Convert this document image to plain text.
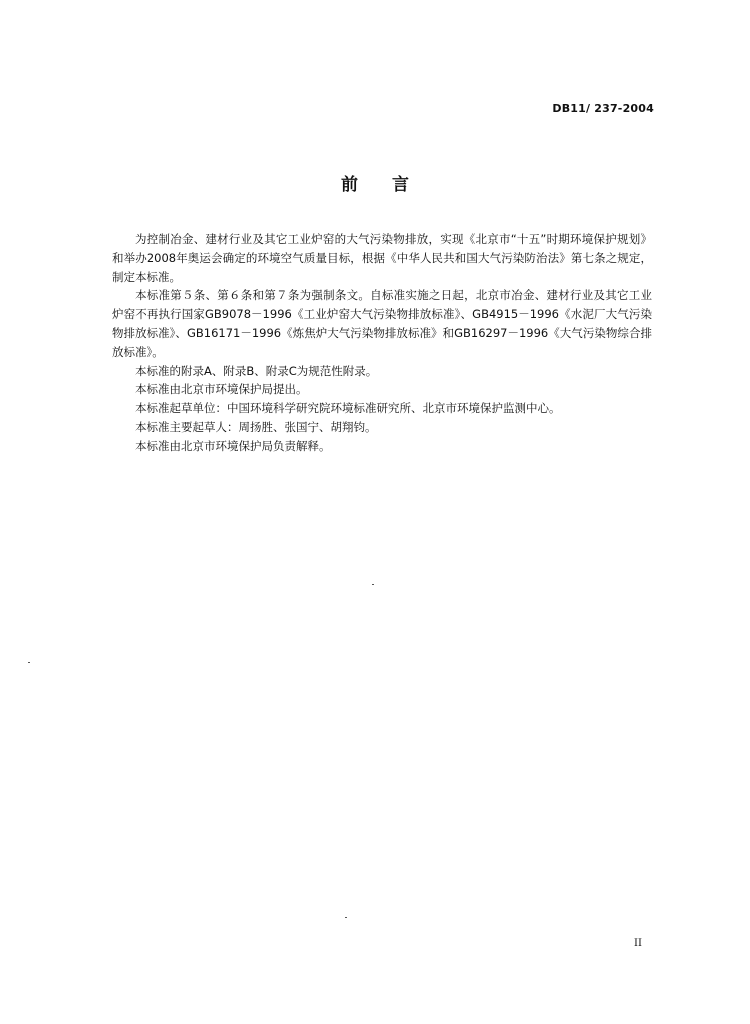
DB11/ 237-2004
前 言

为控制冶金、建材行业及其它工业炉窑的大气污染物排放，实现《北京市“十五”时期环境保护规划》和举办2008年奥运会确定的环境空气质量目标，根据《中华人民共和国大气污染防治法》第七条之规定，制定本标准。

本标准第５条、第６条和第７条为强制条文。自标准实施之日起，北京市冶金、建材行业及其它工业炉窑不再执行国家GB9078－1996《工业炉窑大气污染物排放标准》、GB4915－1996《水泥厂大气污染物排放标准》、GB16171－1996《炼焦炉大气污染物排放标准》和GB16297－1996《大气污染物综合排放标准》。

本标准的附录A、附录B、附录C为规范性附录。

本标准由北京市环境保护局提出。

本标准起草单位：中国环境科学研究院环境标准研究所、北京市环境保护监测中心。

本标准主要起草人：周扬胜、张国宁、胡翔钧。

本标准由北京市环境保护局负责解释。

II
